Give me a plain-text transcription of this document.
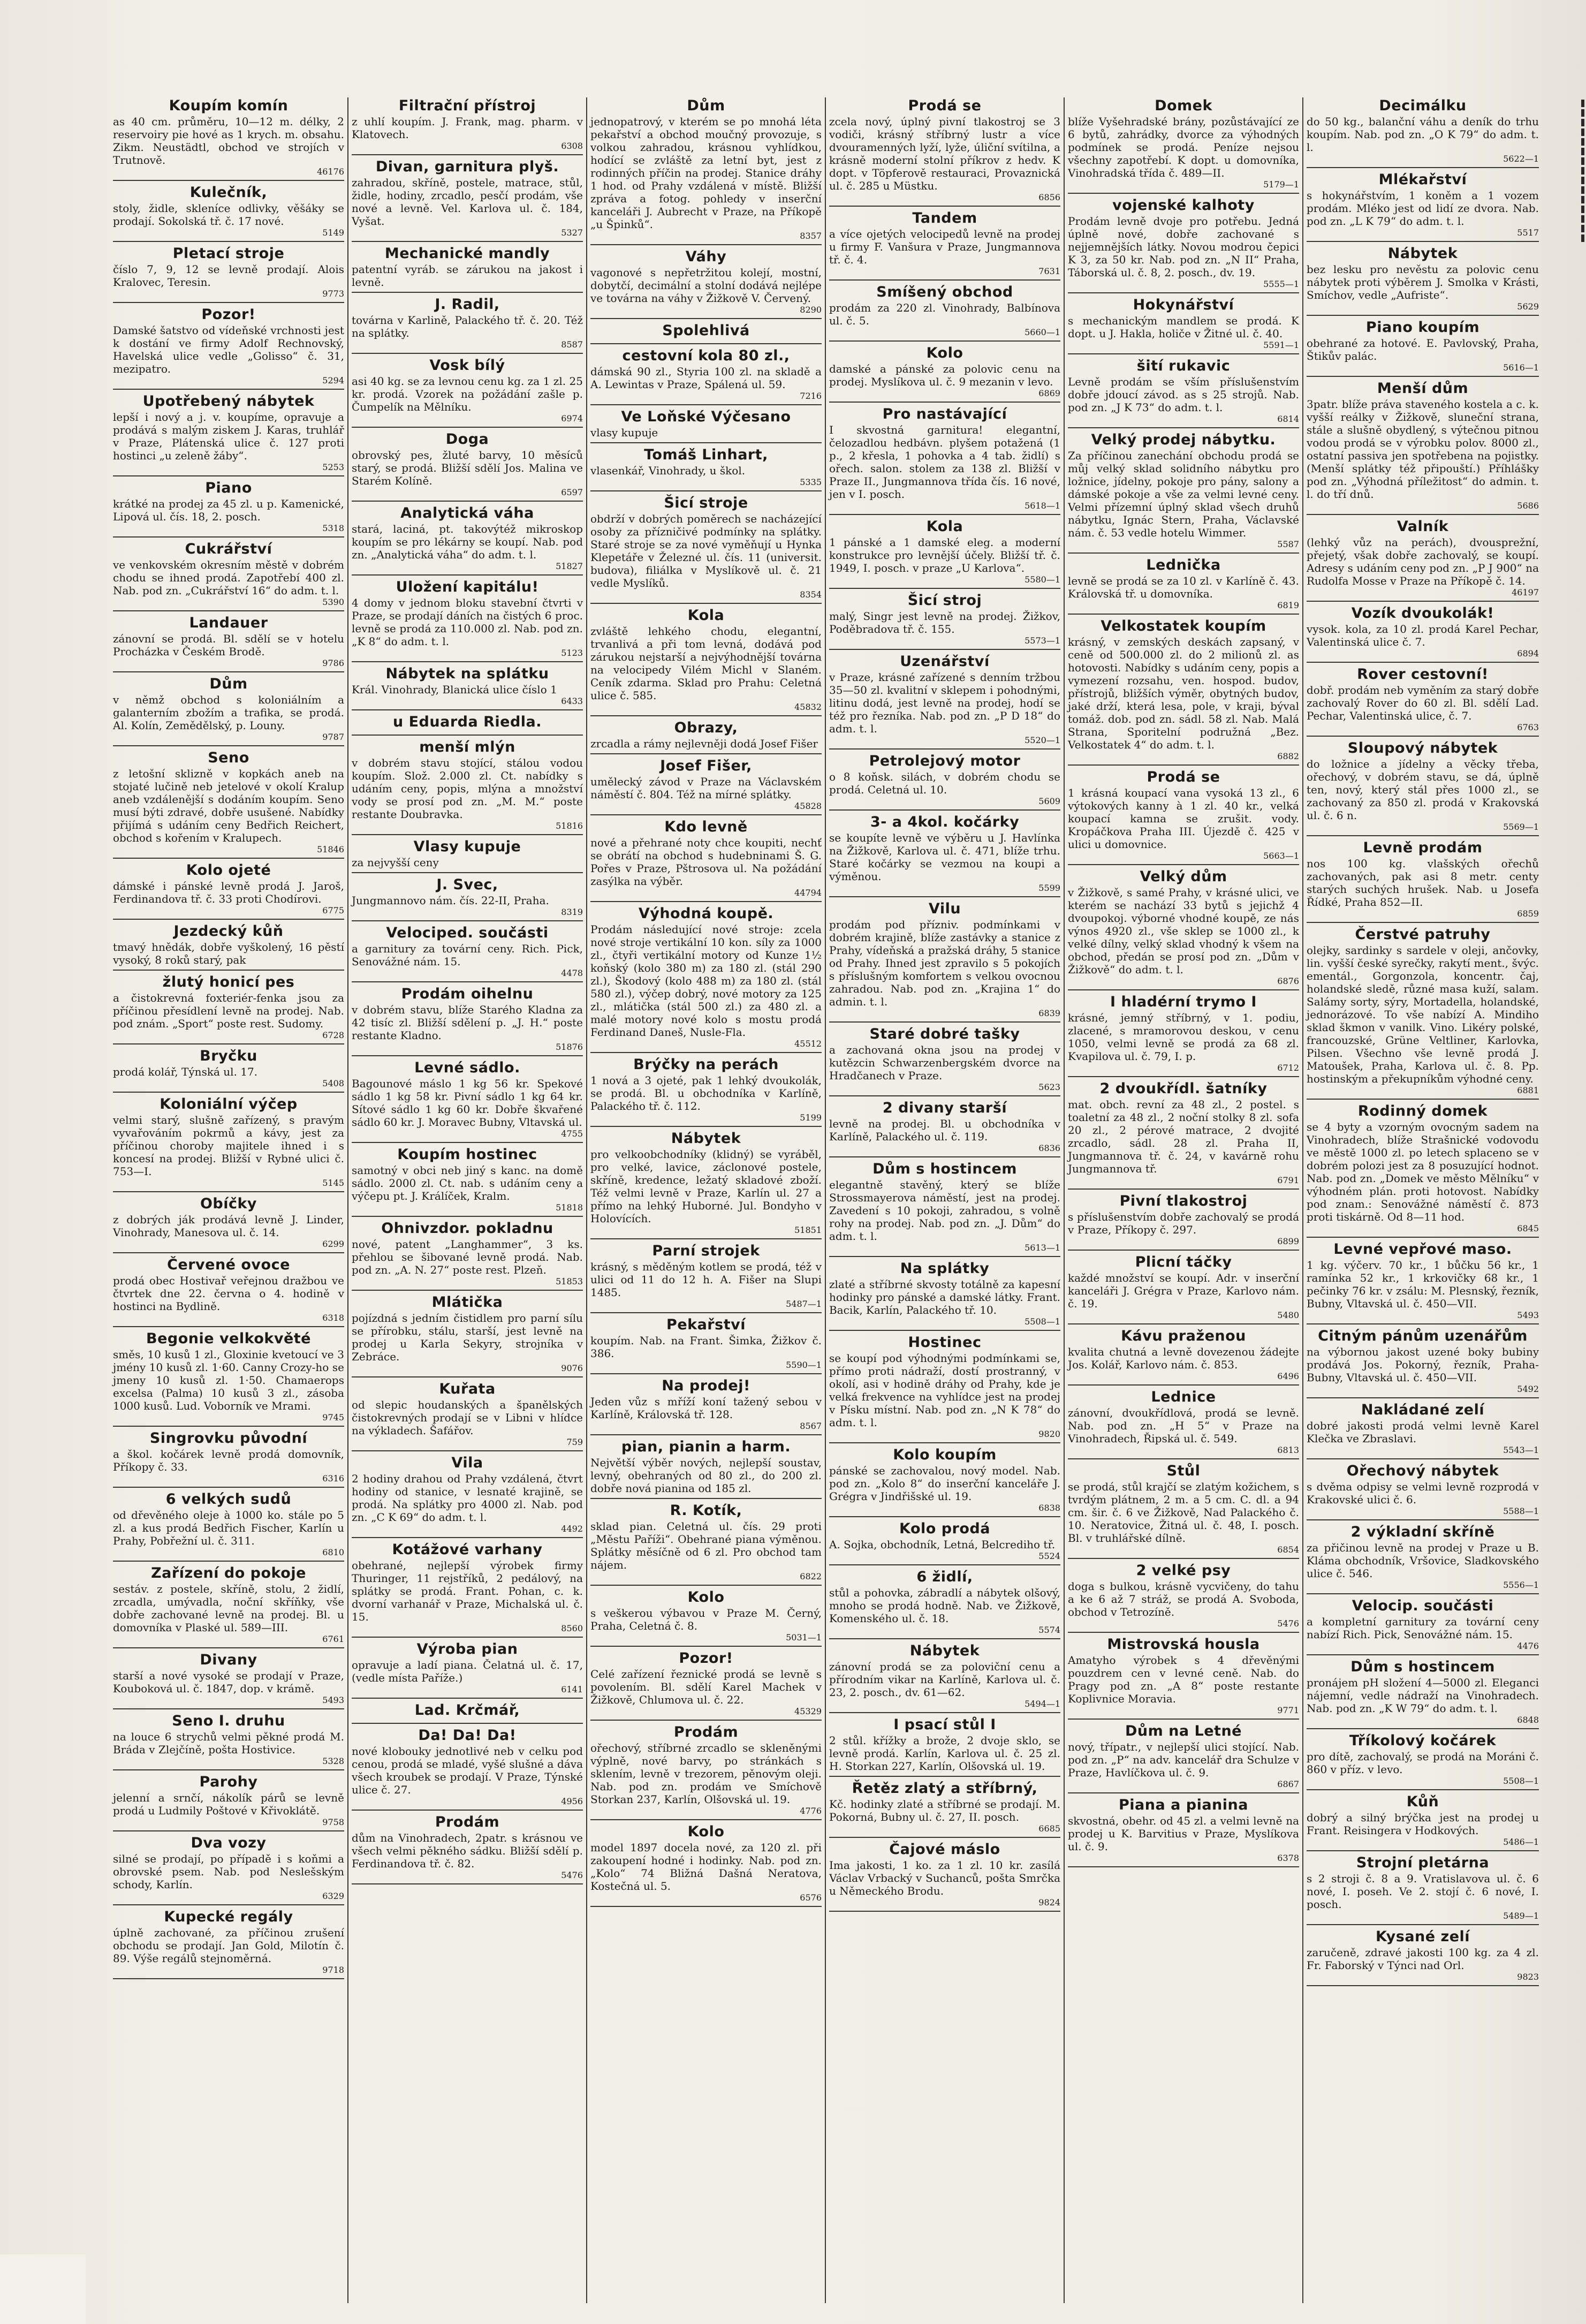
Koupím komín

as 40 cm. průměru, 10—12 m. délky, 2 reservoiry pie hové as 1 krych. m. obsahu. Zikm. Neustädtl, obchod ve strojích v Trutnově.

46176
Kulečník,

stoly, židle, skleníce odlivky, věšáky se prodají. Sokolská tř. č. 17 nové.

5149
Pletací stroje

číslo 7, 9, 12 se levně prodají. Alois Kralovec, Teresin.

9773
Pozor!

Damské šatstvo od vídeňské vrchnosti jest k dostání ve firmy Adolf Rechnovský, Havelská ulice vedle „Golisso“ č. 31, mezipatro.

5294
Upotřebený nábytek

lepší i nový a j. v. koupíme, opravuje a prodává s malým ziskem J. Karas, truhlář v Praze, Plátenská ulice č. 127 proti hostinci „u zeleně žáby“.

5253
Piano

krátké na prodej za 45 zl. u p. Kamenické, Lipová ul. čís. 18, 2. posch.

5318
Cukrářství

ve venkovském okresním městě v dobrém chodu se ihned prodá. Zapotřebí 400 zl. Nab. pod zn. „Cukrářství 16“ do adm. t. l.

5390
Landauer

zánovní se prodá. Bl. sdělí se v hotelu Procházka v Českém Brodě.

9786
Dům

v němž obchod s koloniálním a galanterním zbožím a trafika, se prodá. Al. Kolín, Zemědělský, p. Louny.

9787
Seno

z letošní sklizně v kopkách aneb na stojaté lučině neb jetelové v okolí Kralup aneb vzdálenější s dodáním koupím. Seno musí býti zdravé, dobře usušené. Nabídky přijímá s udáním ceny Bedřich Reichert, obchod s kořením v Kralupech.

51846
Kolo ojeté

dámské i pánské levně prodá J. Jaroš, Ferdinandova tř. č. 33 proti Chodírovi.

6775
Jezdecký kůň

tmavý hnědák, dobře vyškolený, 16 pěstí vysoký, 8 roků starý, pak

žlutý honicí pes

a čistokrevná foxteriér-fenka jsou za příčinou přesídlení levně na prodej. Nab. pod znám. „Sport“ poste rest. Sudomy.

6728
Bryčku

prodá kolář, Týnská ul. 17.

5408
Koloniální výčep

velmi starý, slušně zařízený, s pravým vyvařováním pokrmů a kávy, jest za příčinou choroby majitele ihned i s koncesí na prodej. Bližší v Rybné ulici č. 753—I.

5145
Obíčky

z dobrých ják prodává levně J. Linder, Vinohrady, Manesova ul. č. 14.

6299
Červené ovoce

prodá obec Hostivař veřejnou dražbou ve čtvrtek dne 22. června o 4. hodině v hostinci na Bydlině.

6318
Begonie velkokvěté

směs, 10 kusů 1 zl., Gloxinie kvetoucí ve 3 jmény 10 kusů zl. 1·60. Canny Crozy-ho se jmeny 10 kusů zl. 1·50. Chamaerops excelsa (Palma) 10 kusů 3 zl., zásoba 1000 kusů. Lud. Voborník ve Mrami.

9745
Singrovku původní

a škol. kočárek levně prodá domovník, Příkopy č. 33.

6316
6 velkých sudů

od dřevěného oleje à 1000 ko. stále po 5 zl. a kus prodá Bedřich Fischer, Karlín u Prahy, Pobřežní ul. č. 311.

6810
Zařízení do pokoje

sestáv. z postele, skříně, stolu, 2 židlí, zrcadla, umývadla, noční skříňky, vše dobře zachované levně na prodej. Bl. u domovníka v Plaské ul. 589—III.

6761
Divany

starší a nové vysoké se prodají v Praze, Kouboková ul. č. 1847, dop. v krámě.

5493
Seno I. druhu

na louce 6 strychů velmi pěkné prodá M. Bráda v Zlejčíně, pošta Hostivice.

5328
Parohy

jelenní a srnčí, nákolík párů se levně prodá u Ludmily Poštové v Křivoklátě.

9758
Dva vozy

silné se prodají, po případě i s koňmi a obrovské psem. Nab. pod Neslešským schody, Karlín.

6329
Kupecké regály

úplně zachované, za příčinou zrušení obchodu se prodají. Jan Gold, Milotín č. 89. Výše regálů stejnoměrná.

9718
Filtrační přístroj

z uhlí koupím. J. Frank, mag. pharm. v Klatovech.

6308
Divan, garnitura plyš.

zahradou, skříně, postele, matrace, stůl, židle, hodiny, zrcadlo, pesčí prodám, vše nové a levně. Vel. Karlova ul. č. 184, Vyšat.

5327
Mechanické mandly

patentní vyráb. se zárukou na jakost i levně.

J. Radil,

továrna v Karlině, Palackého tř. č. 20. Též na splátky.

8587
Vosk bílý

asi 40 kg. se za levnou cenu kg. za 1 zl. 25 kr. prodá. Vzorek na požádání zašle p. Čumpelík na Mělníku.

6974
Doga

obrovský pes, žluté barvy, 10 měsíců starý, se prodá. Bližší sdělí Jos. Malina ve Starém Kolíně.

6597
Analytická váha

stará, laciná, pt. takovýtéž mikroskop koupím se pro lékárny se koupí. Nab. pod zn. „Analytická váha“ do adm. t. l.

51827
Uložení kapitálu!

4 domy v jednom bloku stavební čtvrti v Praze, se prodají dáních na čistých 6 proc. levně se prodá za 110.000 zl. Nab. pod zn. „K 8“ do adm. t. l.

5123
Nábytek na splátku

Král. Vinohrady, Blanická ulice číslo 1

6433
u Eduarda Riedla.
menší mlýn

v dobrém stavu stojící, stálou vodou koupím. Slož. 2.000 zl. Ct. nabídky s udáním ceny, popis, mlýna a množství vody se prosí pod zn. „M. M.“ poste restante Doubravka.

51816
Vlasy kupuje

za nejvyšší ceny

J. Svec,

Jungmannovo nám. čís. 22-II, Praha.

8319
Velociped. součásti

a garnitury za tovární ceny. Rich. Pick, Senovážné nám. 15.

4478
Prodám oihelnu

v dobrém stavu, blíže Starého Kladna za 42 tisíc zl. Bližší sdělení p. „J. H.“ poste restante Kladno.

51876
Levné sádlo.

Bagounové máslo 1 kg 56 kr. Spekové sádlo 1 kg 58 kr. Pivní sádlo 1 kg 64 kr. Sítové sádlo 1 kg 60 kr. Dobře škvařené sádlo 60 kr. J. Moravec Bubny, Vltavská ul.

4755
Koupím hostinec

samotný v obci neb jiný s kanc. na domě sádlo. 2000 zl. Ct. nab. s udáním ceny a výčepu pt. J. Králíček, Kralm.

51818
Ohnivzdor. pokladnu

nové, patent „Langhammer“, 3 ks. přehlou se šibované levně prodá. Nab. pod zn. „A. N. 27“ poste rest. Plzeň.

51853
Mlátička

pojízdná s jedním čistidlem pro parní sílu se přírobku, stálu, starší, jest levně na prodej u Karla Sekyry, strojníka v Zebráce.

9076
Kuřata

od slepic houdanských a španělských čistokrevných prodají se v Libni v hlídce na výkladech. Šafářov.

759
Vila

2 hodiny drahou od Prahy vzdálená, čtvrt hodiny od stanice, v lesnaté krajině, se prodá. Na splátky pro 4000 zl. Nab. pod zn. „C K 69“ do adm. t. l.

4492
Kotážové varhany

obehrané, nejlepší výrobek firmy Thuringer, 11 rejstříků, 2 pedálový, na splátky se prodá. Frant. Pohan, c. k. dvorní varhanář v Praze, Michalská ul. č. 15.

8560
Výroba pian

opravuje a ladí piana. Čelatná ul. č. 17, (vedle místa Paříže.)

6141
Lad. Krčmář,
Da! Da! Da!

nové klobouky jednotlivé neb v celku pod cenou, prodá se mladé, vyšé slušné a dáva všech kroubek se prodají. V Praze, Týnské ulice č. 27.

4956
Prodám

dům na Vinohradech, 2patr. s krásnou ve všech velmi pěkného sádku. Bližší sdělí p. Ferdinandova tř. č. 82.

5476
Dům

jednopatrový, v kterém se po mnohá léta pekařství a obchod moučný provozuje, s volkou zahradou, krásnou vyhlídkou, hodící se zvláště za letní byt, jest z rodinných příčin na prodej. Stanice dráhy 1 hod. od Prahy vzdálená v místě. Bližší zpráva a fotog. pohledy v inserční kanceláři J. Aubrecht v Praze, na Příkopě „u Špinků“.

8357
Váhy

vagonové s nepřetržitou kolejí, mostní, dobytčí, decimální a stolní dodává nejlépe ve továrna na váhy v Žižkově V. Červený.

8290
Spolehlivá
cestovní kola 80 zl.,

dámská 90 zl., Styria 100 zl. na skladě a A. Lewintas v Praze, Spálená ul. 59.

7216
Ve Loňské Výčesano

vlasy kupuje

Tomáš Linhart,

vlasenkář, Vinohrady, u škol.

5335
Šicí stroje

obdrží v dobrých poměrech se nacházející osoby za přízničivé podmínky na splátky. Staré stroje se za nové vyměňují u Hynka Klepetáře v Železné ul. čís. 11 (universit. budova), filiálka v Myslíkově ul. č. 21 vedle Myslíků.

8354
Kola

zvláště lehkého chodu, elegantní, trvanlivá a při tom levná, dodává pod zárukou nejstarší a nejvýhodnější továrna na velocipedy Vilém Michl v Slaném. Ceník zdarma. Sklad pro Prahu: Celetná ulice č. 585.

45832
Obrazy,

zrcadla a rámy nejlevněji dodá Josef Fišer

Josef Fišer,

umělecký závod v Praze na Václavském náměstí č. 804. Též na mírné splátky.

45828
Kdo levně

nové a přehrané noty chce koupiti, nechť se obrátí na obchod s hudebninami Š. G. Pořes v Praze, Pštrosova ul. Na požádání zasýlka na výběr.

44794
Výhodná koupě.

Prodám následující nové stroje: zcela nové stroje vertikální 10 kon. síly za 1000 zl., čtyři vertikální motory od Kunze 1½ koňský (kolo 380 m) za 180 zl. (stál 290 zl.), Škodový (kolo 488 m) za 180 zl. (stál 580 zl.), výčep dobrý, nové motory za 125 zl., mlátička (stál 500 zl.) za 480 zl. a malé motory nové kolo s mostu prodá Ferdinand Daneš, Nusle-Fla.

45512
Brýčky na perách

1 nová a 3 ojeté, pak 1 lehký dvoukolák, se prodá. Bl. u obchodníka v Karlíně, Palackého tř. č. 112.

5199
Nábytek

pro velkoobchodníky (klidný) se vyráběl, pro velké, lavice, záclonové postele, skříně, kredence, ležatý skladové zboží. Též velmi levně v Praze, Karlín ul. 27 a přímo na lehký Huborné. Jul. Bondyho v Holovících.

51851
Parní strojek

krásný, s měděným kotlem se prodá, též v ulici od 11 do 12 h. A. Fišer na Slupi 1485.

5487—1
Pekařství

koupím. Nab. na Frant. Šimka, Žižkov č. 386.

5590—1
Na prodej!

Jeden vůz s mříží koní tažený sebou v Karlíně, Královská tř. 128.

8567
pian, pianin a harm.

Největší výběr nových, nejlepší soustav, levný, obehraných od 80 zl., do 200 zl. dobře nová pianina od 185 zl.

R. Kotík,

sklad pian. Celetná ul. čís. 29 proti „Městu Paříži“. Obehrané piana výměnou. Splátky měsíčně od 6 zl. Pro obchod tam nájem.

6822
Kolo

s veškerou výbavou v Praze M. Černý, Praha, Celetná č. 8.

5031—1
Pozor!

Celé zařízení řeznické prodá se levně s povolením. Bl. sdělí Karel Machek v Žižkově, Chlumova ul. č. 22.

45329
Prodám

ořechový, stříbrné zrcadlo se skleněnými výplně, nové barvy, po stránkách s sklením, levně v trezorem, pěnovým oleji. Nab. pod zn. prodám ve Smíchově Storkan 237, Karlín, Olšovská ul. 19.

4776
Kolo

model 1897 docela nové, za 120 zl. při zakoupení hodné i hodinky. Nab. pod zn. „Kolo“ 74 Bližná Dašná Neratova, Kostečná ul. 5.

6576
Prodá se

zcela nový, úplný pivní tlakostroj se 3 vodiči, krásný stříbrný lustr a více dvouramenných lyží, lyže, úliční svítilna, a krásně moderní stolní příkrov z hedv. K dopt. v Töpferově restauraci, Provaznická ul. č. 285 u Müstku.

6856
Tandem

a více ojetých velocipedů levně na prodej u firmy F. Vanšura v Praze, Jungmannova tř. č. 4.

7631
Smíšený obchod

prodám za 220 zl. Vinohrady, Balbínova ul. č. 5.

5660—1
Kolo

damské a pánské za polovic cenu na prodej. Myslíkova ul. č. 9 mezanin v levo.

6869
Pro nastávající

I skvostná garnitura! elegantní, čelozadlou hedbávn. plyšem potažená (1 p., 2 křesla, 1 pohovka a 4 tab. židlí) s ořech. salon. stolem za 138 zl. Bližší v Praze II., Jungmannova třída čís. 16 nové, jen v I. posch.

5618—1
Kola

1 pánské a 1 damské eleg. a moderní konstrukce pro levnější účely. Bližší tř. č. 1949, I. posch. v praze „U Karlova“.

5580—1
Šicí stroj

malý, Singr jest levně na prodej. Žižkov, Poděbradova tř. č. 155.

5573—1
Uzenářství

v Praze, krásné zařízené s denním tržbou 35—50 zl. kvalitní v sklepem i pohodnými, litinu dodá, jest levně na prodej, hodí se též pro řezníka. Nab. pod zn. „P D 18“ do adm. t. l.

5520—1
Petrolejový motor

o 8 koňsk. silách, v dobrém chodu se prodá. Celetná ul. 10.

5609
3- a 4kol. kočárky

se koupíte levně ve výběru u J. Havlínka na Žižkově, Karlova ul. č. 471, blíže trhu. Staré kočárky se vezmou na koupi a výměnou.

5599
Vilu

prodám pod přízniv. podmínkami v dobrém krajině, blíže zastávky a stanice z Prahy, vídeňská a pražská dráhy, 5 stanice od Prahy. Ihned jest zpravilo s 5 pokojích s příslušným komfortem s velkou ovocnou zahradou. Nab. pod zn. „Krajina 1“ do admin. t. l.

6839
Staré dobré tašky

a zachovaná okna jsou na prodej v kutězcin Schwarzenbergském dvorce na Hradčanech v Praze.

5623
2 divany starší

levně na prodej. Bl. u obchodníka v Karlíně, Palackého ul. č. 119.

6836
Dům s hostincem

elegantně stavěný, který se blíže Strossmayerova náměstí, jest na prodej. Zavedení s 10 pokoji, zahradou, s volně rohy na prodej. Nab. pod zn. „J. Dům“ do adm. t. l.

5613—1
Na splátky

zlaté a stříbrné skvosty totálně za kapesní hodinky pro pánské a damské látky. Frant. Bacik, Karlín, Palackého tř. 10.

5508—1
Hostinec

se koupí pod výhodnými podmínkami se, přímo proti nádraží, dostí prostranný, v okolí, asi v hodině dráhy od Prahy, kde je velká frekvence na vyhlídce jest na prodej v Písku místní. Nab. pod zn. „N K 78“ do adm. t. l.

9820
Kolo koupím

pánské se zachovalou, nový model. Nab. pod zn. „Kolo 8“ do inserční kanceláře J. Grégra v Jindřišské ul. 19.

6838
Kolo prodá

A. Sojka, obchodník, Letná, Belcrediho tř.

5524
6 židlí,

stůl a pohovka, zábradlí a nábytek olšový, mnoho se prodá hodně. Nab. ve Žižkově, Komenského ul. č. 18.

5574
Nábytek

zánovní prodá se za poloviční cenu a přírodním vikar na Karlíně, Karlova ul. č. 23, 2. posch., dv. 61—62.

5494—1
I psací stůl I

2 stůl. křížky a brože, 2 dvoje sklo, se levně prodá. Karlín, Karlova ul. č. 25 zl. H. Storkan 227, Karlín, Olšovská ul. 19.

Řetěz zlatý a stříbrný,

Kč. hodinky zlaté a stříbrné se prodají. M. Pokorná, Bubny ul. č. 27, II. posch.

6685
Čajové máslo

Ima jakosti, 1 ko. za 1 zl. 10 kr. zasílá Václav Vrbacký v Suchanců, pošta Smrčka u Německého Brodu.

9824
Domek

blíže Vyšehradské brány, pozůstávající ze 6 bytů, zahrádky, dvorce za výhodných podmínek se prodá. Peníze nejsou všechny zapotřebí. K dopt. u domovníka, Vinohradská třída č. 489—II.

5179—1
vojenské kalhoty

Prodám levně dvoje pro potřebu. Jedná úplně nové, dobře zachované s nejjemnějších látky. Novou modrou čepici K 3, za 50 kr. Nab. pod zn. „N II“ Praha, Táborská ul. č. 8, 2. posch., dv. 19.

5555—1
Hokynářství

s mechanickým mandlem se prodá. K dopt. u J. Hakla, holiče v Žitné ul. č. 40.

5591—1
šití rukavic

Levně prodám se vším příslušenstvím dobře jdoucí závod. as s 25 strojů. Nab. pod zn. „J K 73“ do adm. t. l.

6814
Velký prodej nábytku.

Za příčinou zanechání obchodu prodá se můj velký sklad solidního nábytku pro ložnice, jídelny, pokoje pro pány, salony a dámské pokoje a vše za velmi levné ceny. Velmi přízemní úplný sklad všech druhů nábytku, Ignác Stern, Praha, Václavské nám. č. 53 vedle hotelu Wimmer.

5587
Lednička

levně se prodá se za 10 zl. v Karlíně č. 43. Královská tř. u domovníka.

6819
Velkostatek koupím

krásný, v zemských deskách zapsaný, v ceně od 500.000 zl. do 2 milionů zl. as hotovosti. Nabídky s udáním ceny, popis a vymezení rozsahu, ven. hospod. budov, přístrojů, bližších výměr, obytných budov, jaké drží, která lesa, pole, v kraji, býval tomáž. dob. pod zn. sádl. 58 zl. Nab. Malá Strana, Sporitelní podružná „Bez. Velkostatek 4“ do adm. t. l.

6882
Prodá se

1 krásná koupací vana vysoká 13 zl., 6 výtokových kanny à 1 zl. 40 kr., velká koupací kamna se zrušit. vody. Kropáčkova Praha III. Újezdě č. 425 v ulici u domovnice.

5663—1
Velký dům

v Žižkově, s samé Prahy, v krásné ulici, ve kterém se nachází 33 bytů s jejichž 4 dvoupokoj. výborné vhodné koupě, ze nás výnos 4920 zl., vše sklep se 1000 zl., k velké dílny, velký sklad vhodný k všem na obchod, předán se prosí pod zn. „Dům v Žižkově“ do adm. t. l.

6876
I hladérní trymo I

krásné, jemný stříbrný, v 1. podiu, zlacené, s mramorovou deskou, v cenu 1050, velmi levně se prodá za 68 zl. Kvapilova ul. č. 79, I. p.

6712
2 dvoukřídl. šatníky

mat. obch. revní za 48 zl., 2 postel. s toaletní za 48 zl., 2 noční stolky 8 zl. sofa 20 zl., 2 pérové matrace, 2 dvojité zrcadlo, sádl. 28 zl. Praha II, Jungmannova tř. č. 24, v kavárně rohu Jungmannova tř.

6791
Pivní tlakostroj

s příslušenstvím dobře zachovalý se prodá v Praze, Příkopy č. 297.

6899
Plicní táčky

každé množství se koupí. Adr. v inserční kanceláři J. Grégra v Praze, Karlovo nám. č. 19.

5480
Kávu praženou

kvalita chutná a levně dovezenou žádejte Jos. Kolář, Karlovo nám. č. 853.

6496
Lednice

zánovní, dvoukřídlová, prodá se levně. Nab. pod zn. „H 5“ v Praze na Vinohradech, Řipská ul. č. 549.

6813
Stůl

se prodá, stůl krajčí se zlatým kožichem, s tvrdým plátnem, 2 m. a 5 cm. C. dl. a 94 cm. šir. č. 6 ve Žižkově, Nad Palackého č. 10. Neratovice, Žitná ul. č. 48, I. posch. Bl. v truhlářské dílně.

6854
2 velké psy

doga s bulkou, krásně vycvičeny, do tahu a ke 6 až 7 stráž, se prodá A. Svoboda, obchod v Tetrozíně.

5476
Mistrovská housla

Amatyho výrobek s 4 dřevěnými pouzdrem cen v levné ceně. Nab. do Pragy pod zn. „A 8“ poste restante Koplivnice Moravia.

9771
Dům na Letné

nový, třípatr., v nejlepší ulici stojící. Nab. pod zn. „P“ na adv. kancelář dra Schulze v Praze, Havlíčkova ul. č. 9.

6867
Piana a pianina

skvostná, obehr. od 45 zl. a velmi levně na prodej u K. Barvitius v Praze, Myslíkova ul. č. 9.

6378
Decimálku

do 50 kg., balanční váhu a deník do trhu koupím. Nab. pod zn. „O K 79“ do adm. t. l.

5622—1
Mlékařství

s hokynářstvím, 1 koněm a 1 vozem prodám. Mléko jest od lidí ze dvora. Nab. pod zn. „L K 79“ do adm. t. l.

5517
Nábytek

bez lesku pro nevěstu za polovic cenu nábytek proti výběrem J. Smolka v Krásti, Smíchov, vedle „Aufriste“.

5629
Piano koupím

obehrané za hotové. E. Pavlovský, Praha, Štikův palác.

5616—1
Menší dům

3patr. blíže práva staveného kostela a c. k. vyšší reálky v Žižkově, sluneční strana, stále a slušně obydlený, s výtečnou pitnou vodou prodá se v výrobku polov. 8000 zl., ostatní passiva jen spotřebena na pojistky. (Menší splátky též připouští.) Příhlášky pod zn. „Výhodná příležitost“ do admin. t. l. do tří dnů.

5686
Valník

(lehký vůz na perách), dvousprežní, přejetý, však dobře zachovalý, se koupí. Adresy s udáním ceny pod zn. „P J 900“ na Rudolfa Mosse v Praze na Příkopě č. 14.

46197
Vozík dvoukolák!

vysok. kola, za 10 zl. prodá Karel Pechar, Valentinská ulice č. 7.

6894
Rover cestovní!

dobř. prodám neb vyměním za starý dobře zachovalý Rover do 60 zl. Bl. sdělí Lad. Pechar, Valentinská ulice, č. 7.

6763
Sloupový nábytek

do ložnice a jídelny a věcky třeba, ořechový, v dobrém stavu, se dá, úplně ten, nový, který stál přes 1000 zl., se zachovaný za 850 zl. prodá v Krakovská ul. č. 6 n.

5569—1
Levně prodám

nos 100 kg. vlašských ořechů zachovaných, pak asi 8 metr. centy starých suchých hrušek. Nab. u Josefa Řídké, Praha 852—II.

6859
Čerstvé patruhy

olejky, sardinky s sardele v oleji, ančovky, lin. vyšší české syrečky, rakytí ment., švýc. ementál., Gorgonzola, koncentr. čaj, holandské sledě, různé masa kuží, salam. Salámy sorty, sýry, Mortadella, holandské, jednorázové. To vše nabízí A. Mindiho sklad škmon v vanilk. Vino. Likéry polské, francouzské, Grüne Veltliner, Karlovka, Pilsen. Všechno vše levně prodá J. Matoušek, Praha, Karlova ul. č. 8. Pp. hostinským a překupníkům výhodné ceny.

6881
Rodinný domek

se 4 byty a vzorným ovocným sadem na Vinohradech, blíže Strašnické vodovodu ve městě 1000 zl. po letech splaceno se v dobrém polozi jest za 8 posuzující hodnot. Nab. pod zn. „Domek ve město Mělníku“ v výhodném plán. proti hotovost. Nabídky pod znam.: Senovážné náměstí č. 873 proti tiskárně. Od 8—11 hod.

6845
Levné vepřové maso.

1 kg. výčerv. 70 kr., 1 bůčku 56 kr., 1 ramínka 52 kr., 1 krkovičky 68 kr., 1 pečinky 76 kr. v zsálu: M. Plesnský, řezník, Bubny, Vltavská ul. č. 450—VII.

5493
Citným pánům uzenářům

na výbornou jakost uzené boky bubiny prodává Jos. Pokorný, řezník, Praha-Bubny, Vltavská ul. č. 450—VII.

5492
Nakládané zelí

dobré jakosti prodá velmi levně Karel Klečka ve Zbraslavi.

5543—1
Ořechový nábytek

s dvěma odpisy se velmi levně rozprodá v Krakovské ulici č. 6.

5588—1
2 výkladní skříně

za přičinou levně na prodej v Praze u B. Kláma obchodník, Vršovice, Sladkovského ulice č. 546.

5556—1
Velocip. součásti

a kompletní garnitury za tovární ceny nabízí Rich. Pick, Senovážné nám. 15.

4476
Dům s hostincem

pronájem pH složení 4—5000 zl. Eleganci nájemní, vedle nádraží na Vinohradech. Nab. pod zn. „K W 79“ do adm. t. l.

6848
Tříkolový kočárek

pro dítě, zachovalý, se prodá na Moráni č. 860 v příz. v levo.

5508—1
Kůň

dobrý a silný brýčka jest na prodej u Frant. Reisingera v Hodkových.

5486—1
Strojní pletárna

s 2 stroji č. 8 a 9. Vratislavova ul. č. 6 nové, I. poseh. Ve 2. stojí č. 6 nové, I. posch.

5489—1
Kysané zelí

zaručeně, zdravé jakosti 100 kg. za 4 zl. Fr. Faborský v Týnci nad Orl.

9823
